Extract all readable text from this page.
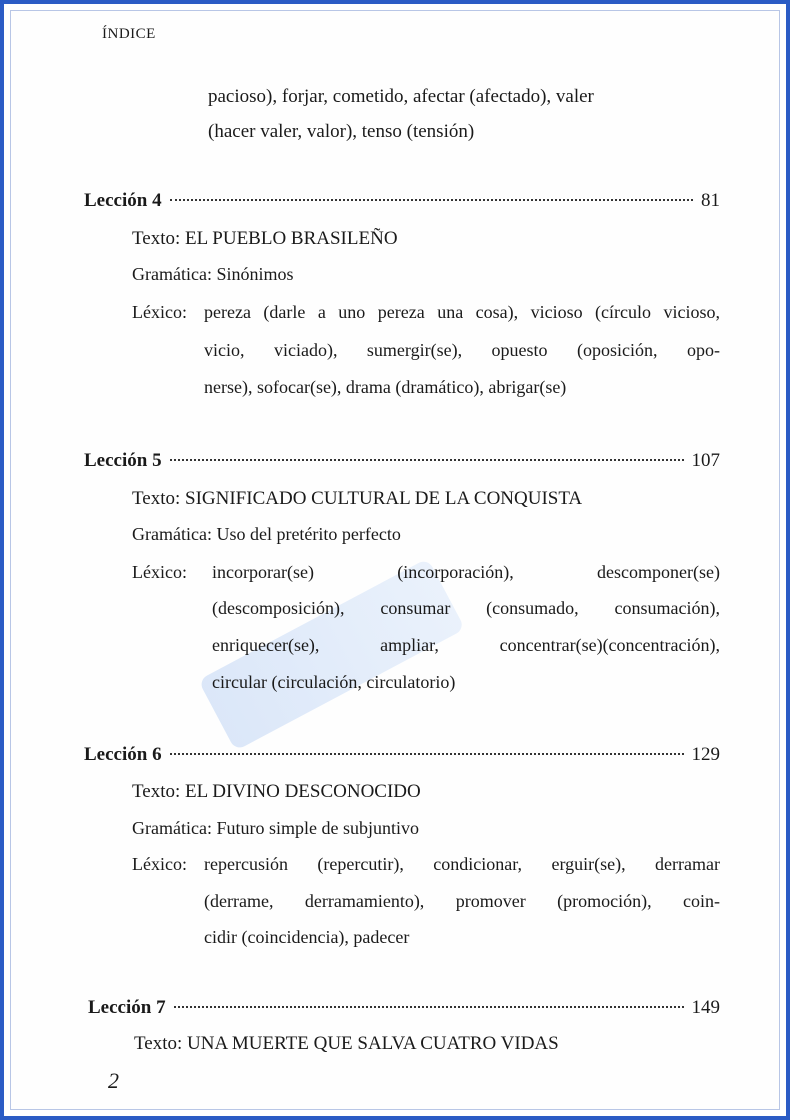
ÍNDICE
pacioso), forjar, cometido, afectar (afectado), valer
(hacer valer, valor), tenso (tensión)
Lección 4	81
Texto: EL PUEBLO BRASILEÑO
Gramática: Sinónimos
Léxico: pereza (darle a uno pereza una cosa), vicioso (círculo vicioso,
vicio, viciado), sumergir(se), opuesto (oposición, opo-
nerse), sofocar(se), drama (dramático), abrigar(se)
Lección 5	107
Texto: SIGNIFICADO CULTURAL DE LA CONQUISTA
Gramática: Uso del pretérito perfecto
Léxico: incorporar(se) (incorporación), descomponer(se)
(descomposición), consumar (consumado, consumación),
enriquecer(se), ampliar, concentrar(se)(concentración),
circular (circulación, circulatorio)
Lección 6	129
Texto: EL DIVINO DESCONOCIDO
Gramática: Futuro simple de subjuntivo
Léxico: repercusión (repercutir), condicionar, erguir(se), derramar
(derrame, derramamiento), promover (promoción), coin-
cidir (coincidencia), padecer
Lección 7	149
Texto: UNA MUERTE QUE SALVA CUATRO VIDAS
2
